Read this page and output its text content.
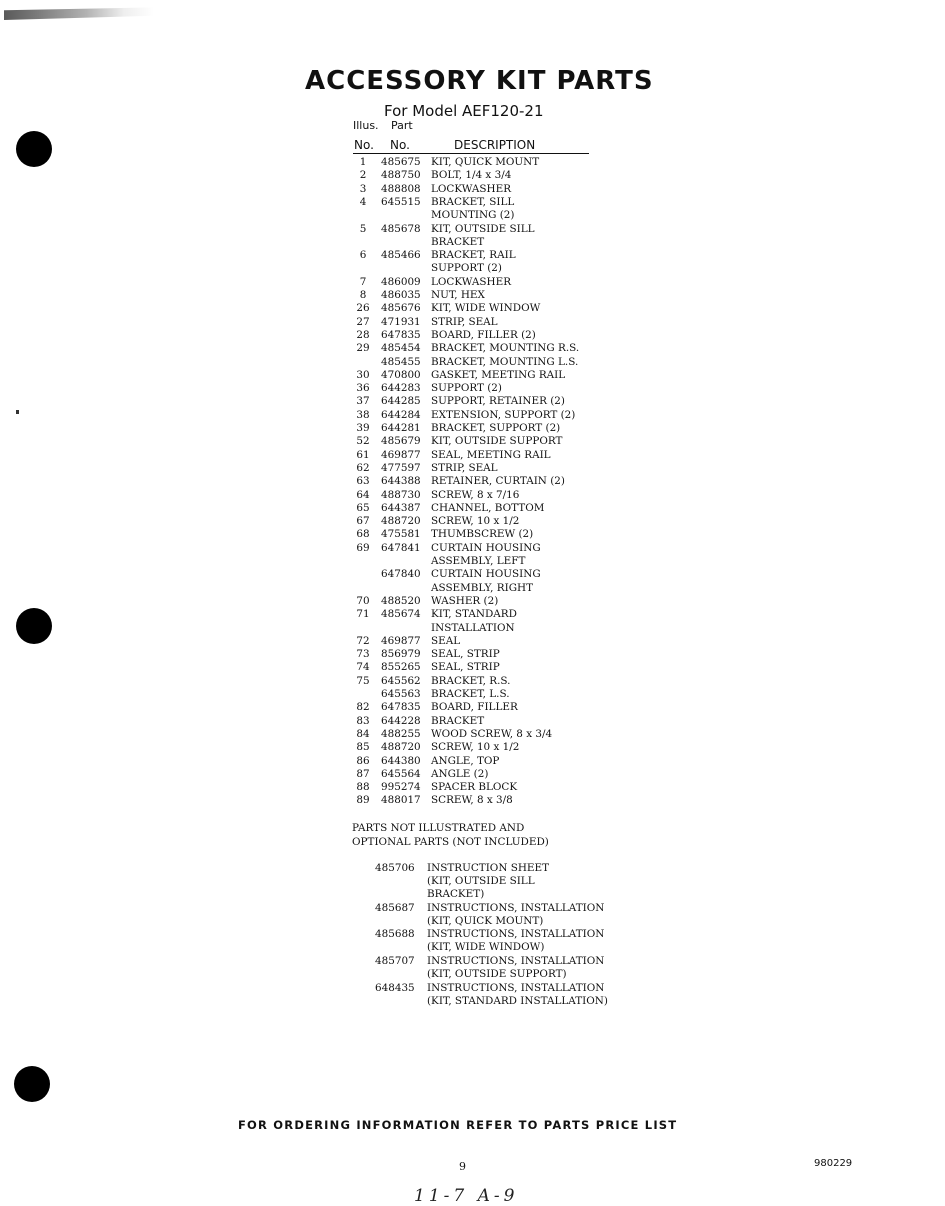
ACCESSORY KIT PARTS
For Model AEF120-21
Illus. Part
No. No.	DESCRIPTION
1	485675 KIT, QUICK MOUNT
2	488750 BOLT, 1/4 x 3/4
3	488808 LOCKWASHER
4	645515 BRACKET, SILL
MOUNTING (2)
5	485678 KIT, OUTSIDE SILL
BRACKET
6	485466 BRACKET, RAIL
SUPPORT (2)
7	486009 LOCKWASHER
8	486035 NUT, HEX
26	485676 KIT, WIDE WINDOW
27	471931 STRIP, SEAL
28	647835 BOARD, FILLER (2)
29	485454 BRACKET, MOUNTING R.S.
485455 BRACKET, MOUNTING L.S.
30	470800 GASKET, MEETING RAIL
36	644283 SUPPORT (2)
37	644285 SUPPORT, RETAINER (2)
38	644284 EXTENSION, SUPPORT (2)
39	644281 BRACKET, SUPPORT (2)
52	485679 KIT, OUTSIDE SUPPORT
61	469877 SEAL, MEETING RAIL
62	477597 STRIP, SEAL
63	644388 RETAINER, CURTAIN (2)
64	488730 SCREW, 8 x 7/16
65	644387 CHANNEL, BOTTOM
67	488720 SCREW, 10 x 1/2
68	475581 THUMBSCREW (2)
69	647841 CURTAIN HOUSING
ASSEMBLY, LEFT
647840 CURTAIN HOUSING
ASSEMBLY, RIGHT
70	488520 WASHER (2)
71	485674 KIT, STANDARD
INSTALLATION
72	469877 SEAL
73	856979 SEAL, STRIP
74	855265 SEAL, STRIP
75	645562 BRACKET, R.S.
645563 BRACKET, L.S.
82	647835 BOARD, FILLER
83	644228 BRACKET
84	488255 WOOD SCREW, 8 x 3/4
85	488720 SCREW, 10 x 1/2
86	644380 ANGLE, TOP
87	645564 ANGLE (2)
88	995274 SPACER BLOCK
89	488017 SCREW, 8 x 3/8
PARTS NOT ILLUSTRATED AND
OPTIONAL PARTS (NOT INCLUDED)
485706 INSTRUCTION SHEET
(KIT, OUTSIDE SILL
BRACKET)
485687 INSTRUCTIONS, INSTALLATION
(KIT, QUICK MOUNT)
485688 INSTRUCTIONS, INSTALLATION
(KIT, WIDE WINDOW)
485707 INSTRUCTIONS, INSTALLATION
(KIT, OUTSIDE SUPPORT)
648435 INSTRUCTIONS, INSTALLATION
(KIT, STANDARD INSTALLATION)
FOR ORDERING INFORMATION REFER TO PARTS PRICE LIST
9	980229
11-7 A-9
